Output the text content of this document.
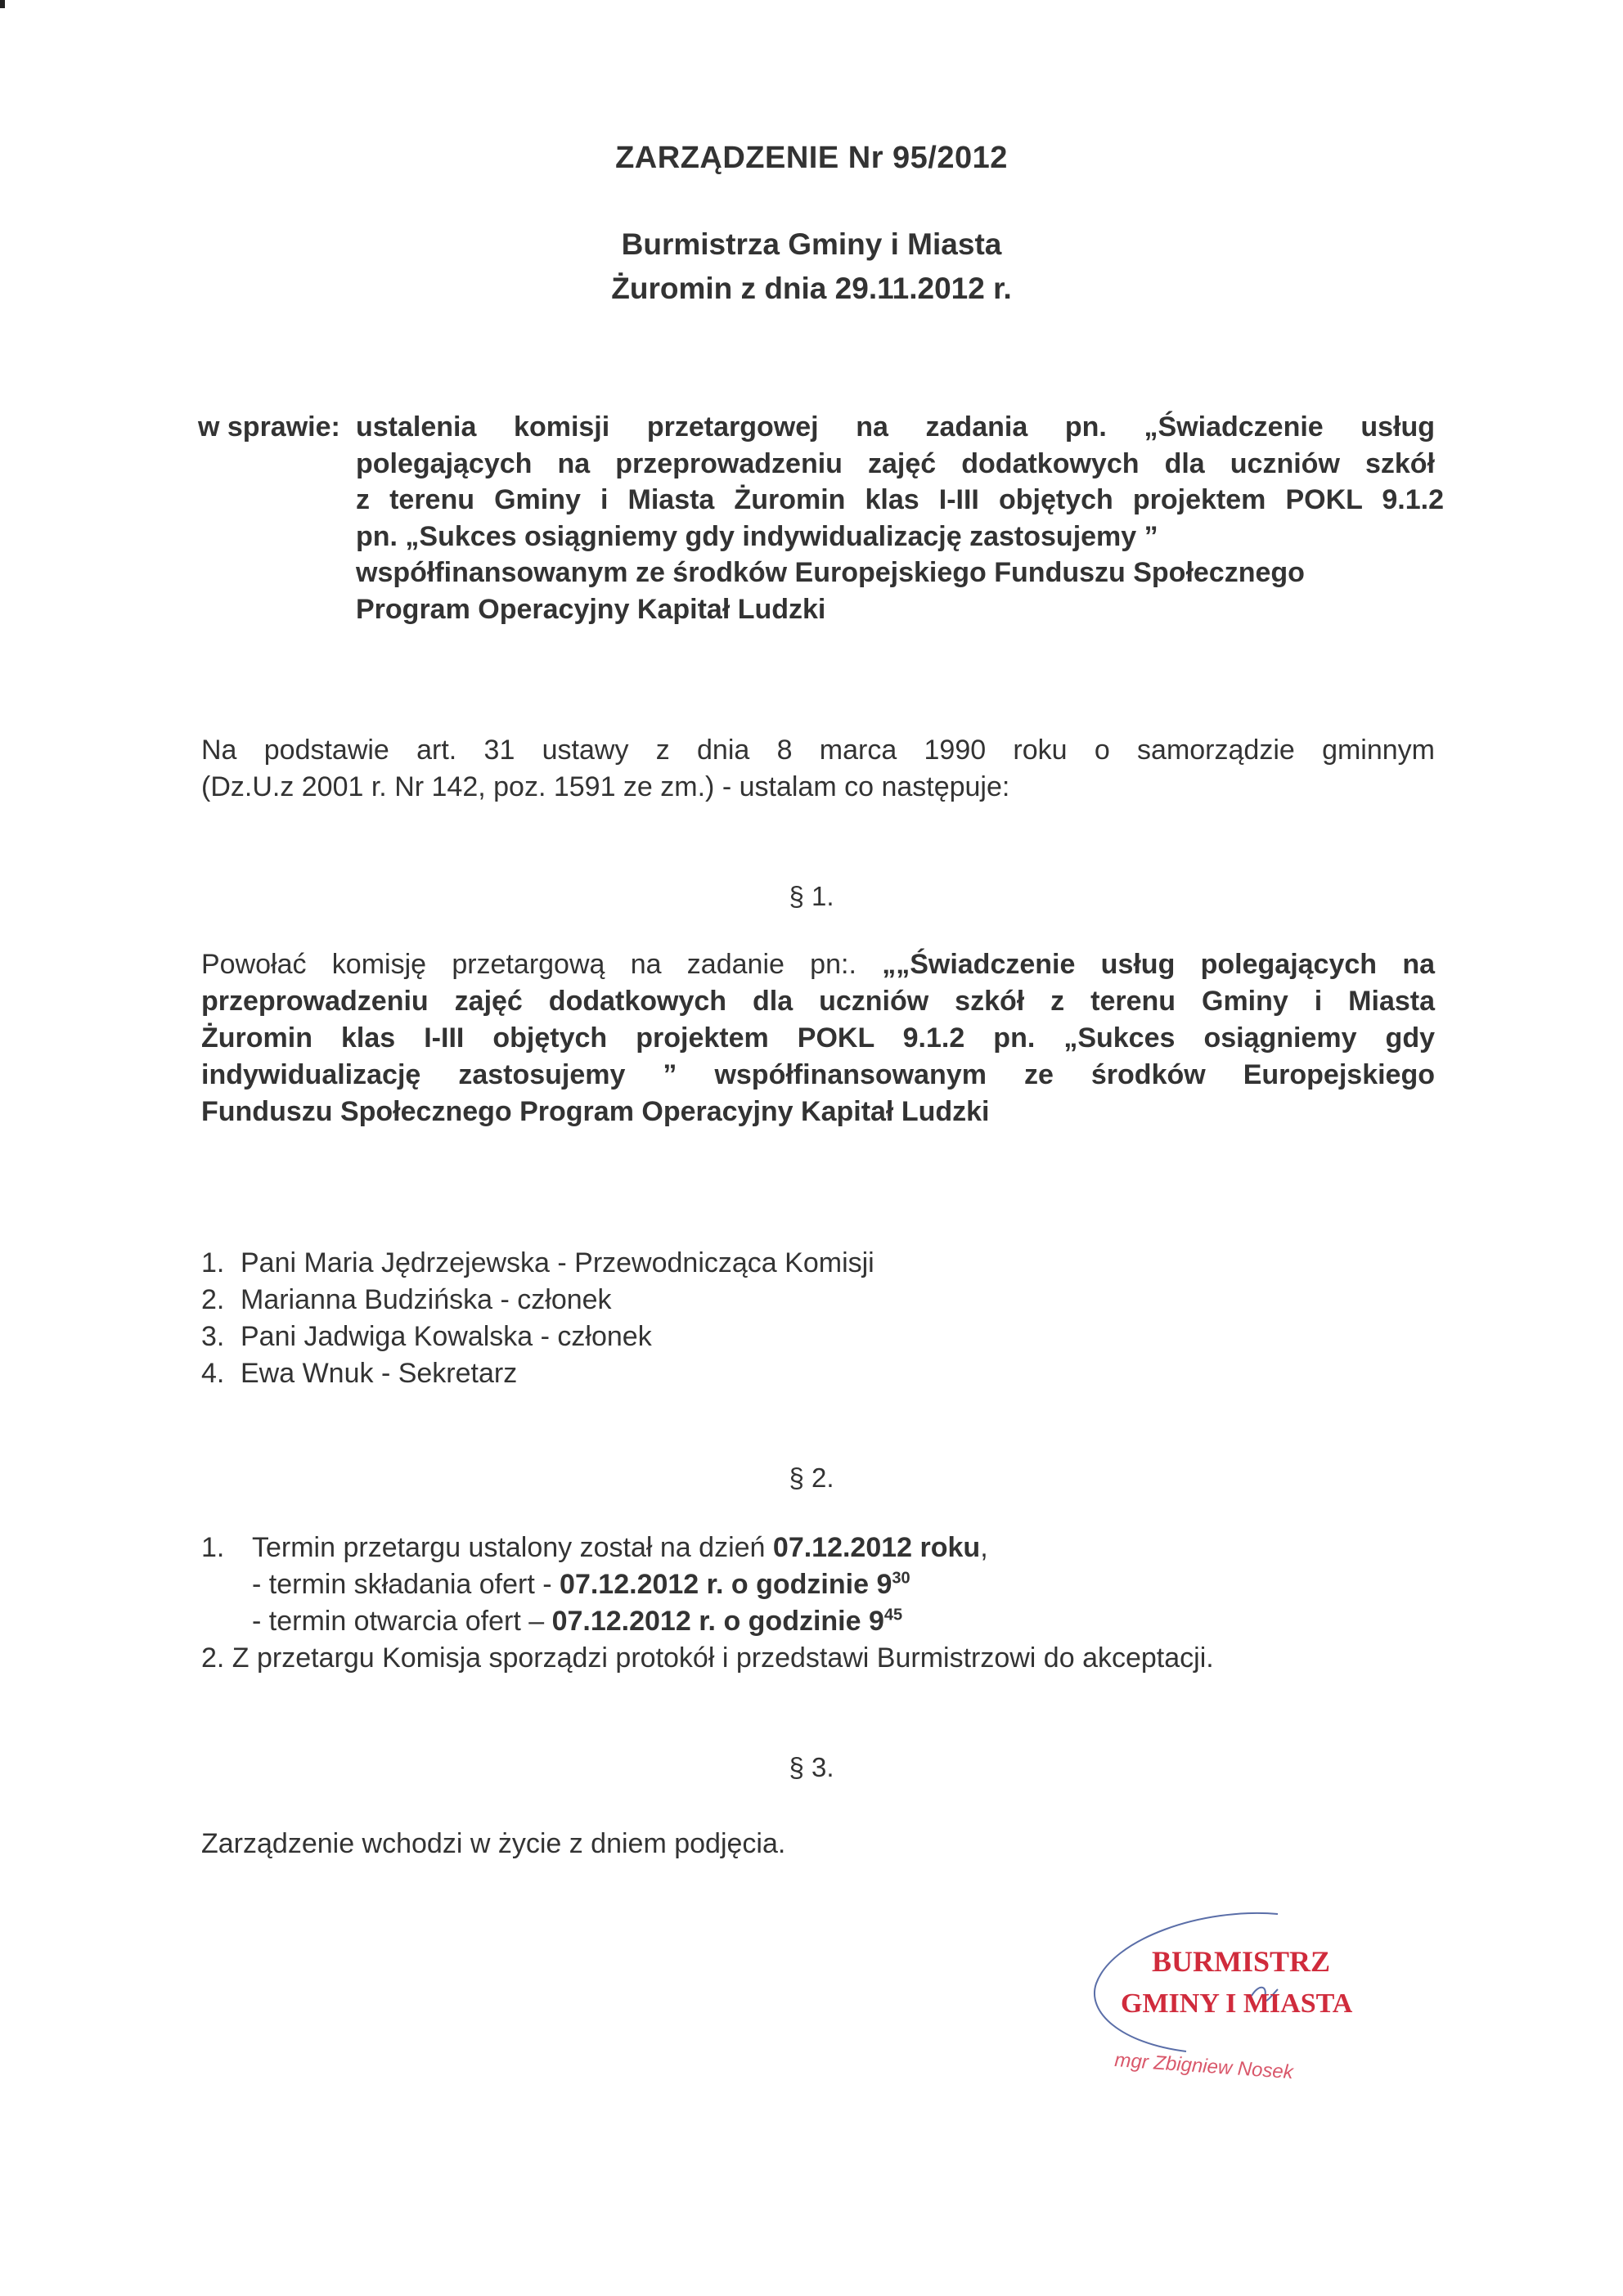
ZARZĄDZENIE Nr 95/2012
Burmistrza Gminy i Miasta
Żuromin z dnia 29.11.2012 r.
w sprawie: ustalenia komisji przetargowej na zadania pn. „Świadczenie usług
polegających na przeprowadzeniu zajęć dodatkowych dla uczniów szkół
z terenu Gminy i Miasta Żuromin klas I-III objętych projektem POKL 9.1.2
pn. „Sukces osiągniemy gdy indywidualizację zastosujemy ”
współfinansowanym ze środków Europejskiego Funduszu Społecznego
Program Operacyjny Kapitał Ludzki
Na podstawie art. 31 ustawy z dnia 8 marca 1990 roku o samorządzie gminnym
(Dz.U.z 2001 r. Nr 142, poz. 1591 ze zm.) - ustalam co następuje:
§ 1.
Powołać komisję przetargową na zadanie pn:. „„Świadczenie usług polegających na
przeprowadzeniu zajęć dodatkowych dla uczniów szkół z terenu Gminy i Miasta
Żuromin klas I-III objętych projektem POKL 9.1.2 pn. „Sukces osiągniemy gdy
indywidualizację zastosujemy ” współfinansowanym ze środków Europejskiego
Funduszu Społecznego Program Operacyjny Kapitał Ludzki
1. Pani Maria Jędrzejewska - Przewodnicząca Komisji
2. Marianna Budzińska - członek
3. Pani Jadwiga Kowalska - członek
4. Ewa Wnuk - Sekretarz
§ 2.
1. Termin przetargu ustalony został na dzień 07.12.2012 roku,
- termin składania ofert - 07.12.2012 r. o godzinie $9^{30}$
- termin otwarcia ofert – 07.12.2012 r. o godzinie $9^{45}$
2. Z przetargu Komisja sporządzi protokół i przedstawi Burmistrzowi do akceptacji.
§ 3.
Zarządzenie wchodzi w życie z dniem podjęcia.
BURMISTRZ
GMINY I MIASTA
mgr Zbigniew Nosek
